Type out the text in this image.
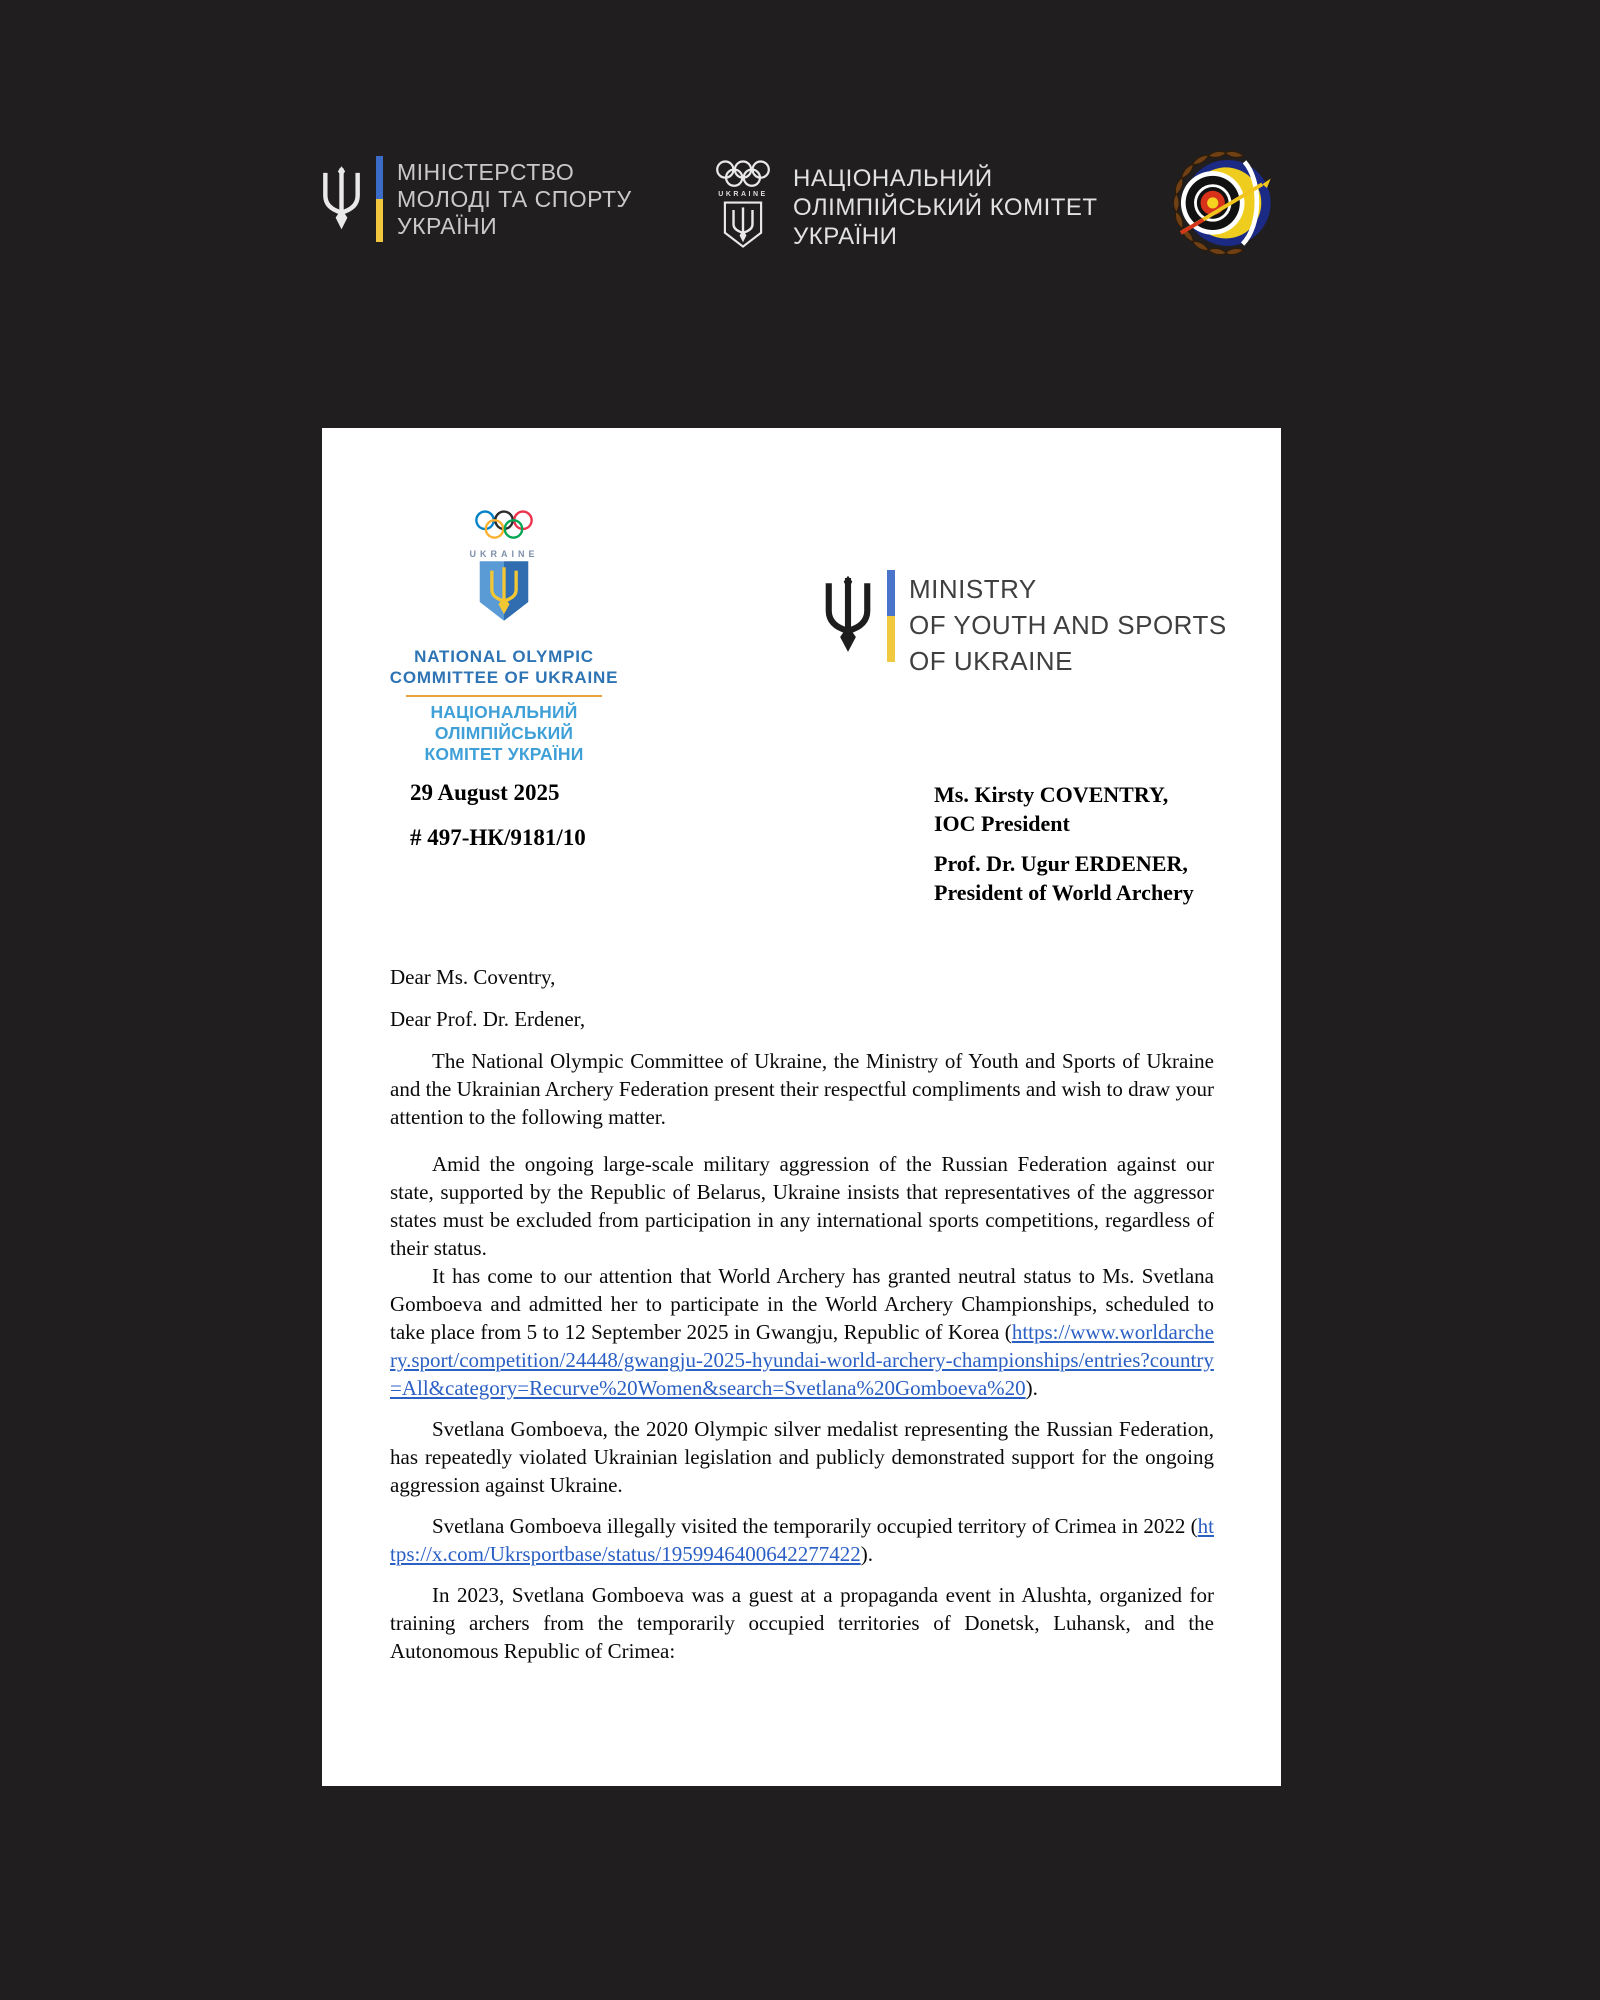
МІНІСТЕРСТВО
МОЛОДІ ТА СПОРТУ
УКРАЇНИ
UKRAINE
НАЦІОНАЛЬНИЙ
ОЛІМПІЙСЬКИЙ КОМІТЕТ
УКРАЇНИ
UKRAINE
NATIONAL OLYMPIC
COMMITTEE OF UKRAINE
НАЦІОНАЛЬНИЙ ОЛІМПІЙСЬКИЙ
КОМІТЕТ УКРАЇНИ
MINISTRY
OF YOUTH AND SPORTS
OF UKRAINE
29 August 2025
# 497-НК/9181/10
Ms. Kirsty COVENTRY,
IOC President
Prof. Dr. Ugur ERDENER,
President of World Archery
Dear Ms. Coventry,
Dear Prof. Dr. Erdener,

The National Olympic Committee of Ukraine, the Ministry of Youth and Sports of Ukraine and the Ukrainian Archery Federation present their respectful compliments and wish to draw your attention to the following matter.

Amid the ongoing large-scale military aggression of the Russian Federation against our state, supported by the Republic of Belarus, Ukraine insists that representatives of the aggressor states must be excluded from participation in any international sports competitions, regardless of their status.

It has come to our attention that World Archery has granted neutral status to Ms. Svetlana Gomboeva and admitted her to participate in the World Archery Championships, scheduled to take place from 5 to 12 September 2025 in Gwangju, Republic of Korea (https://www.worldarchery.sport/competition/24448/gwangju-2025-hyundai-world-archery-championships/entries?country=All&category=Recurve%20Women&search=Svetlana%20Gomboeva%20).

Svetlana Gomboeva, the 2020 Olympic silver medalist representing the Russian Federation, has repeatedly violated Ukrainian legislation and publicly demonstrated support for the ongoing aggression against Ukraine.

Svetlana Gomboeva illegally visited the temporarily occupied territory of Crimea in 2022 (https://x.com/Ukrsportbase/status/1959946400642277422).

In 2023, Svetlana Gomboeva was a guest at a propaganda event in Alushta, organized for training archers from the temporarily occupied territories of Donetsk, Luhansk, and the Autonomous Republic of Crimea:
